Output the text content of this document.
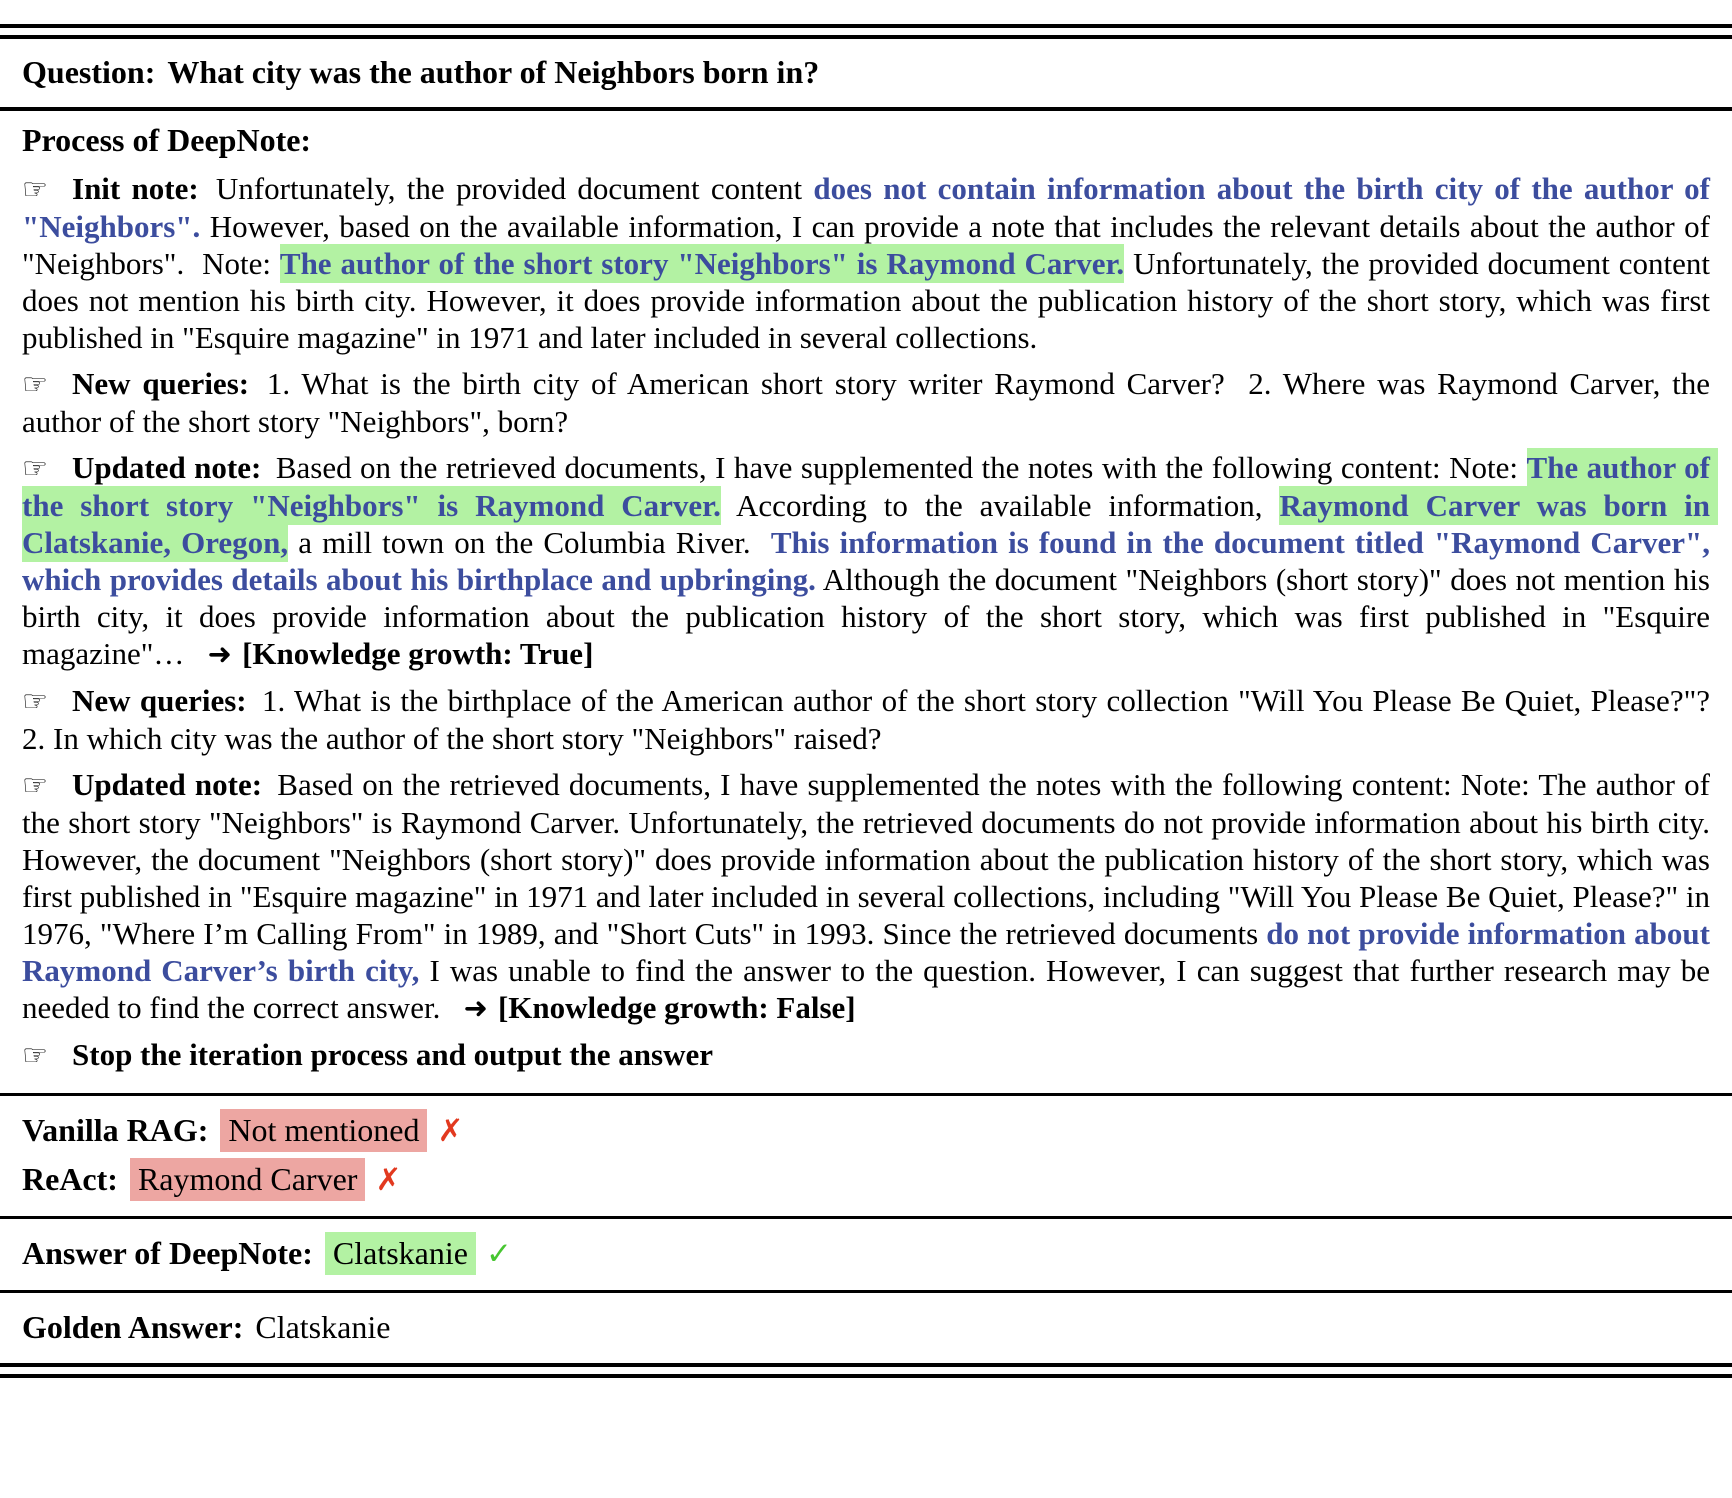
Question: What city was the author of Neighbors born in?
Process of DeepNote:

☞ Init note: Unfortunately, the provided document content does not contain information about the birth city of the author of "Neighbors". However, based on the available information, I can provide a note that includes the relevant details about the author of "Neighbors".  Note: The author of the short story "Neighbors" is Raymond Carver. Unfortunately, the provided document content does not mention his birth city. However, it does provide information about the publication history of the short story, which was first published in "Esquire magazine" in 1971 and later included in several collections.

☞ New queries: 1. What is the birth city of American short story writer Raymond Carver?  2. Where was Raymond Carver, the author of the short story "Neighbors", born?

☞ Updated note: Based on the retrieved documents, I have supplemented the notes with the following content: Note: The author of the short story "Neighbors" is Raymond Carver. According to the available information, Raymond Carver was born in Clatskanie, Oregon, a mill town on the Columbia River.  This information is found in the document titled "Raymond Carver", which provides details about his birthplace and upbringing. Although the document "Neighbors (short story)" does not mention his birth city, it does provide information about the publication history of the short story, which was first published in "Esquire magazine"…   ➜ [Knowledge growth: True]

☞ New queries: 1. What is the birthplace of the American author of the short story collection "Will You Please Be Quiet, Please?"?  2. In which city was the author of the short story "Neighbors" raised?

☞ Updated note: Based on the retrieved documents, I have supplemented the notes with the following content: Note: The author of the short story "Neighbors" is Raymond Carver. Unfortunately, the retrieved documents do not provide information about his birth city. However, the document "Neighbors (short story)" does provide information about the publication history of the short story, which was first published in "Esquire magazine" in 1971 and later included in several collections, including "Will You Please Be Quiet, Please?" in 1976, "Where I’m Calling From" in 1989, and "Short Cuts" in 1993. Since the retrieved documents do not provide information about Raymond Carver’s birth city, I was unable to find the answer to the question. However, I can suggest that further research may be needed to find the correct answer.   ➜ [Knowledge growth: False]

☞ Stop the iteration process and output the answer

Vanilla RAG: Not mentioned ✗
ReAct: Raymond Carver ✗
Answer of DeepNote: Clatskanie ✓
Golden Answer: Clatskanie
